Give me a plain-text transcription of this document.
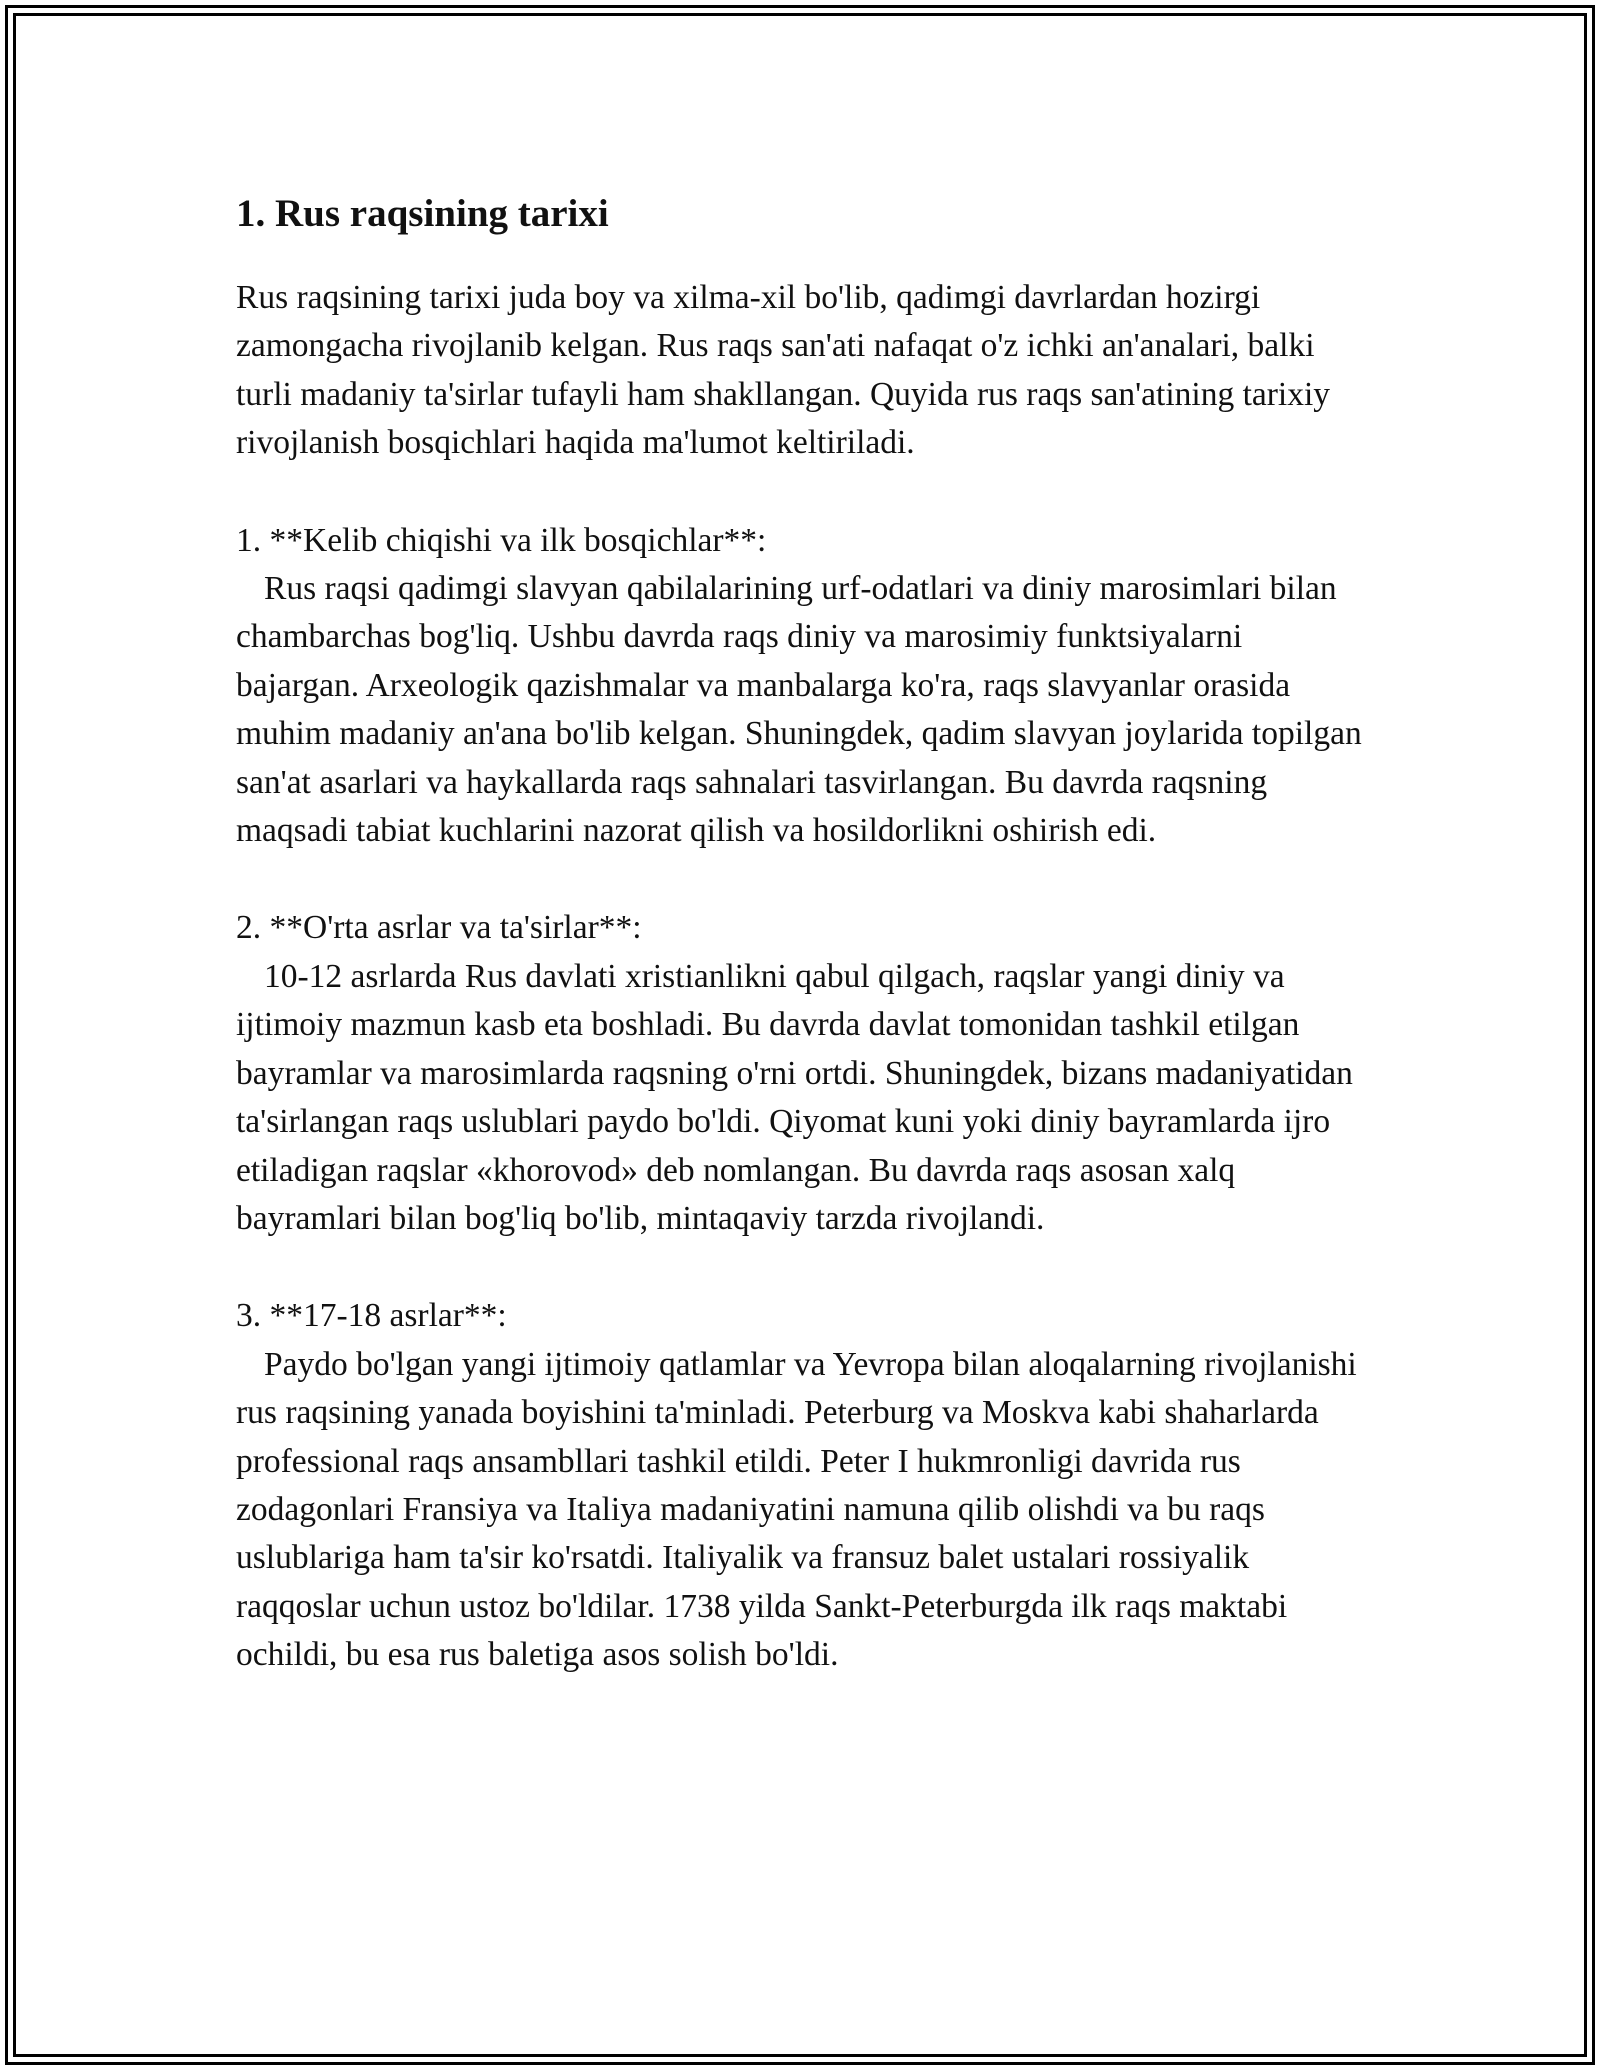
1. Rus raqsining tarixi

Rus raqsining tarixi juda boy va xilma-xil bo'lib, qadimgi davrlardan hozirgi zamongacha rivojlanib kelgan. Rus raqs san'ati nafaqat o'z ichki an'analari, balki turli madaniy ta'sirlar tufayli ham shakllangan. Quyida rus raqs san'atining tarixiy rivojlanish bosqichlari haqida ma'lumot keltiriladi.

1. **Kelib chiqishi va ilk bosqichlar**:
Rus raqsi qadimgi slavyan qabilalarining urf-odatlari va diniy marosimlari bilan chambarchas bog'liq. Ushbu davrda raqs diniy va marosimiy funktsiyalarni bajargan. Arxeologik qazishmalar va manbalarga ko'ra, raqs slavyanlar orasida muhim madaniy an'ana bo'lib kelgan. Shuningdek, qadim slavyan joylarida topilgan san'at asarlari va haykallarda raqs sahnalari tasvirlangan. Bu davrda raqsning maqsadi tabiat kuchlarini nazorat qilish va hosildorlikni oshirish edi.
2. **O'rta asrlar va ta'sirlar**:
10-12 asrlarda Rus davlati xristianlikni qabul qilgach, raqslar yangi diniy va ijtimoiy mazmun kasb eta boshladi. Bu davrda davlat tomonidan tashkil etilgan bayramlar va marosimlarda raqsning o'rni ortdi. Shuningdek, bizans madaniyatidan ta'sirlangan raqs uslublari paydo bo'ldi. Qiyomat kuni yoki diniy bayramlarda ijro etiladigan raqslar «khorovod» deb nomlangan. Bu davrda raqs asosan xalq bayramlari bilan bog'liq bo'lib, mintaqaviy tarzda rivojlandi.
3. **17-18 asrlar**:
Paydo bo'lgan yangi ijtimoiy qatlamlar va Yevropa bilan aloqalarning rivojlanishi rus raqsining yanada boyishini ta'minladi. Peterburg va Moskva kabi shaharlarda professional raqs ansambllari tashkil etildi. Peter I hukmronligi davrida rus zodagonlari Fransiya va Italiya madaniyatini namuna qilib olishdi va bu raqs uslublariga ham ta'sir ko'rsatdi. Italiyalik va fransuz balet ustalari rossiyalik raqqoslar uchun ustoz bo'ldilar. 1738 yilda Sankt-Peterburgda ilk raqs maktabi ochildi, bu esa rus baletiga asos solish bo'ldi.
